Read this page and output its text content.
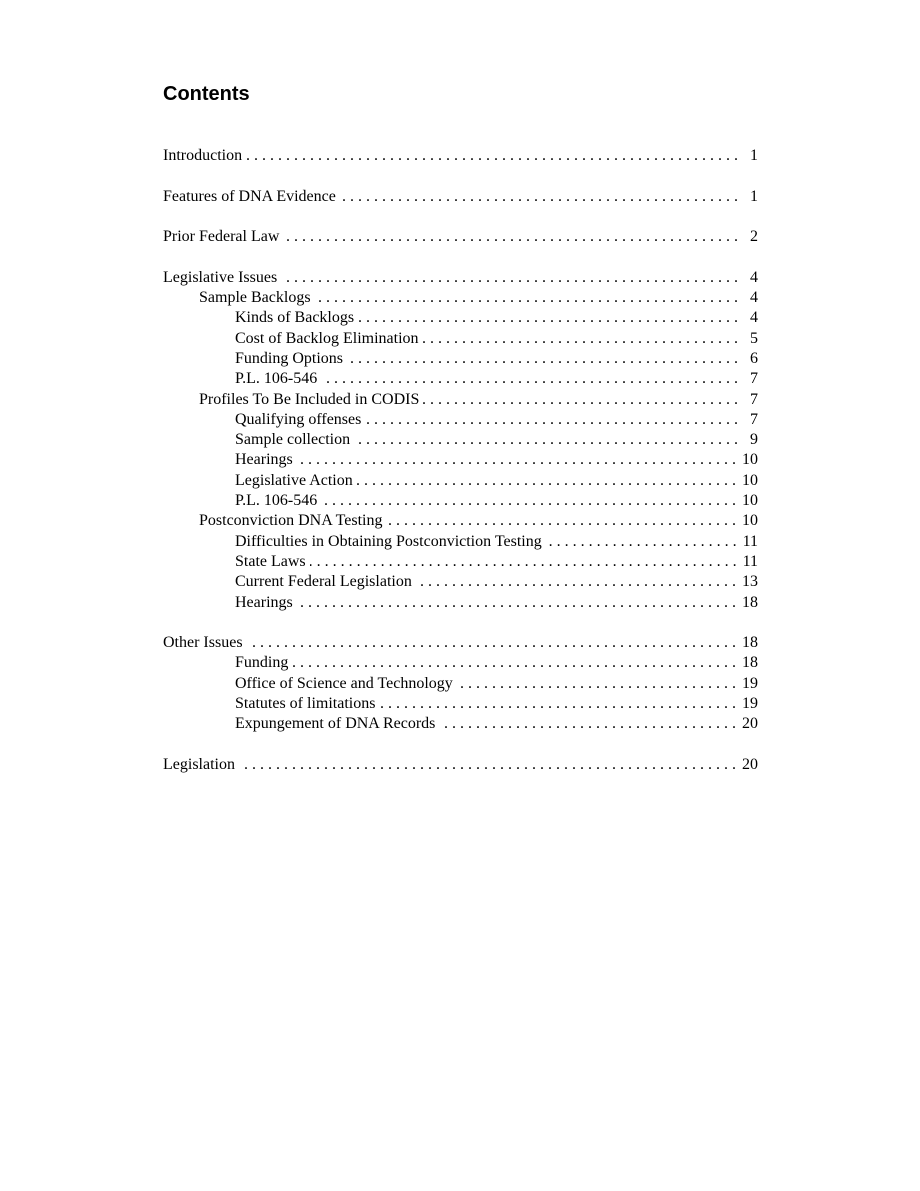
Contents
Introduction . . .	1
Features of DNA Evidence . . .	1
Prior Federal Law . . .	2
Legislative Issues . . .	4
Sample Backlogs . . .	4
Kinds of Backlogs . . .	4
Cost of Backlog Elimination . . .	5
Funding Options . . .	6
P.L. 106-546 . . .	7
Profiles To Be Included in CODIS . . .	7
Qualifying offenses . . .	7
Sample collection . . .	9
Hearings . . .	10
Legislative Action . . .	10
P.L. 106-546 . . .	10
Postconviction DNA Testing . . .	10
Difficulties in Obtaining Postconviction Testing . . .	11
State Laws . . .	11
Current Federal Legislation . . .	13
Hearings . . .	18
Other Issues . . .	18
Funding . . .	18
Office of Science and Technology . . .	19
Statutes of limitations . . .	19
Expungement of DNA Records . . .	20
Legislation . . .	20
